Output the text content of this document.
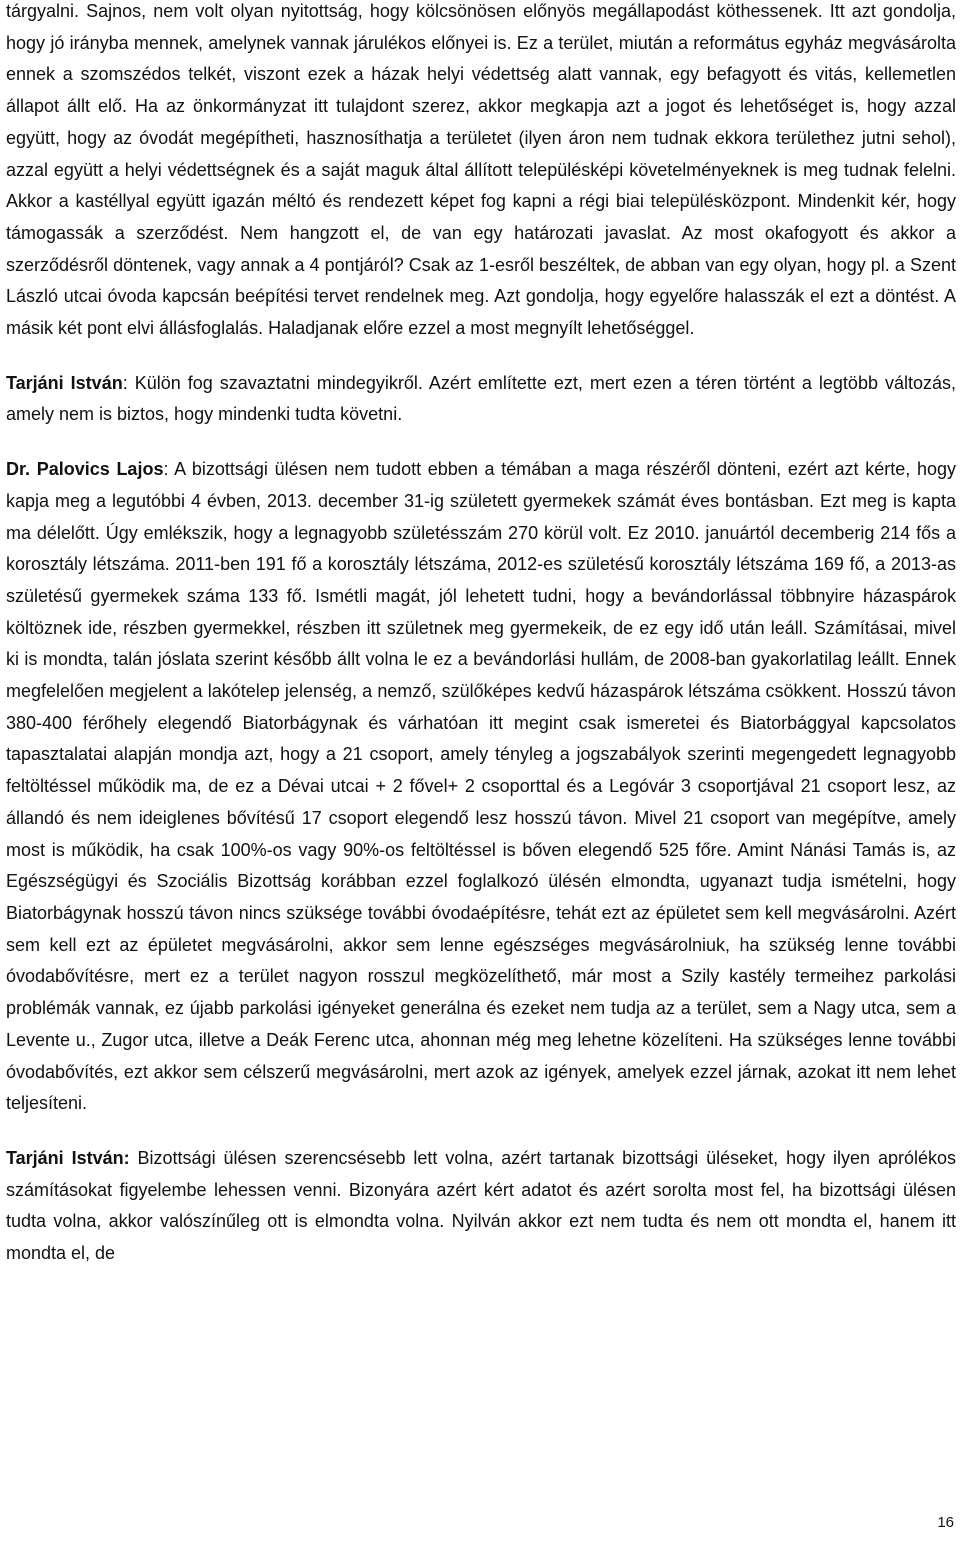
tárgyalni. Sajnos, nem volt olyan nyitottság, hogy kölcsönösen előnyös megállapodást köthessenek. Itt azt gondolja, hogy jó irányba mennek, amelynek vannak járulékos előnyei is. Ez a terület, miután a református egyház megvásárolta ennek a szomszédos telkét, viszont ezek a házak helyi védettség alatt vannak, egy befagyott és vitás, kellemetlen állapot állt elő. Ha az önkormányzat itt tulajdont szerez, akkor megkapja azt a jogot és lehetőséget is, hogy azzal együtt, hogy az óvodát megépítheti, hasznosíthatja a területet (ilyen áron nem tudnak ekkora területhez jutni sehol), azzal együtt a helyi védettségnek és a saját maguk által állított településképi követelményeknek is meg tudnak felelni. Akkor a kastéllyal együtt igazán méltó és rendezett képet fog kapni a régi biai településközpont. Mindenkit kér, hogy támogassák a szerződést. Nem hangzott el, de van egy határozati javaslat. Az most okafogyott és akkor a szerződésről döntenek, vagy annak a 4 pontjáról? Csak az 1-esről beszéltek, de abban van egy olyan, hogy pl. a Szent László utcai óvoda kapcsán beépítési tervet rendelnek meg. Azt gondolja, hogy egyelőre halasszák el ezt a döntést. A másik két pont elvi állásfoglalás. Haladjanak előre ezzel a most megnyílt lehetőséggel.

Tarjáni István: Külön fog szavaztatni mindegyikről. Azért említette ezt, mert ezen a téren történt a legtöbb változás, amely nem is biztos, hogy mindenki tudta követni.

Dr. Palovics Lajos: A bizottsági ülésen nem tudott ebben a témában a maga részéről dönteni, ezért azt kérte, hogy kapja meg a legutóbbi 4 évben, 2013. december 31-ig született gyermekek számát éves bontásban. Ezt meg is kapta ma délelőtt. Úgy emlékszik, hogy a legnagyobb születésszám 270 körül volt. Ez 2010. januártól decemberig 214 fős a korosztály létszáma. 2011-ben 191 fő a korosztály létszáma, 2012-es születésű korosztály létszáma 169 fő, a 2013-as születésű gyermekek száma 133 fő. Ismétli magát, jól lehetett tudni, hogy a bevándorlással többnyire házaspárok költöznek ide, részben gyermekkel, részben itt születnek meg gyermekeik, de ez egy idő után leáll. Számításai, mivel ki is mondta, talán jóslata szerint később állt volna le ez a bevándorlási hullám, de 2008-ban gyakorlatilag leállt. Ennek megfelelően megjelent a lakótelep jelenség, a nemző, szülőképes kedvű házaspárok létszáma csökkent. Hosszú távon 380-400 férőhely elegendő Biatorbágynak és várhatóan itt megint csak ismeretei és Biatorbággyal kapcsolatos tapasztalatai alapján mondja azt, hogy a 21 csoport, amely tényleg a jogszabályok szerinti megengedett legnagyobb feltöltéssel működik ma, de ez a Dévai utcai + 2 fővel+ 2 csoporttal és a Legóvár 3 csoportjával 21 csoport lesz, az állandó és nem ideiglenes bővítésű 17 csoport elegendő lesz hosszú távon. Mivel 21 csoport van megépítve, amely most is működik, ha csak 100%-os vagy 90%-os feltöltéssel is bőven elegendő 525 főre. Amint Nánási Tamás is, az Egészségügyi és Szociális Bizottság korábban ezzel foglalkozó ülésén elmondta, ugyanazt tudja ismételni, hogy Biatorbágynak hosszú távon nincs szüksége további óvodaépítésre, tehát ezt az épületet sem kell megvásárolni. Azért sem kell ezt az épületet megvásárolni, akkor sem lenne egészséges megvásárolniuk, ha szükség lenne további óvodabővítésre, mert ez a terület nagyon rosszul megközelíthető, már most a Szily kastély termeihez parkolási problémák vannak, ez újabb parkolási igényeket generálna és ezeket nem tudja az a terület, sem a Nagy utca, sem a Levente u., Zugor utca, illetve a Deák Ferenc utca, ahonnan még meg lehetne közelíteni. Ha szükséges lenne további óvodabővítés, ezt akkor sem célszerű megvásárolni, mert azok az igények, amelyek ezzel járnak, azokat itt nem lehet teljesíteni.

Tarjáni István: Bizottsági ülésen szerencsésebb lett volna, azért tartanak bizottsági üléseket, hogy ilyen aprólékos számításokat figyelembe lehessen venni. Bizonyára azért kért adatot és azért sorolta most fel, ha bizottsági ülésen tudta volna, akkor valószínűleg ott is elmondta volna. Nyilván akkor ezt nem tudta és nem ott mondta el, hanem itt mondta el, de

16
